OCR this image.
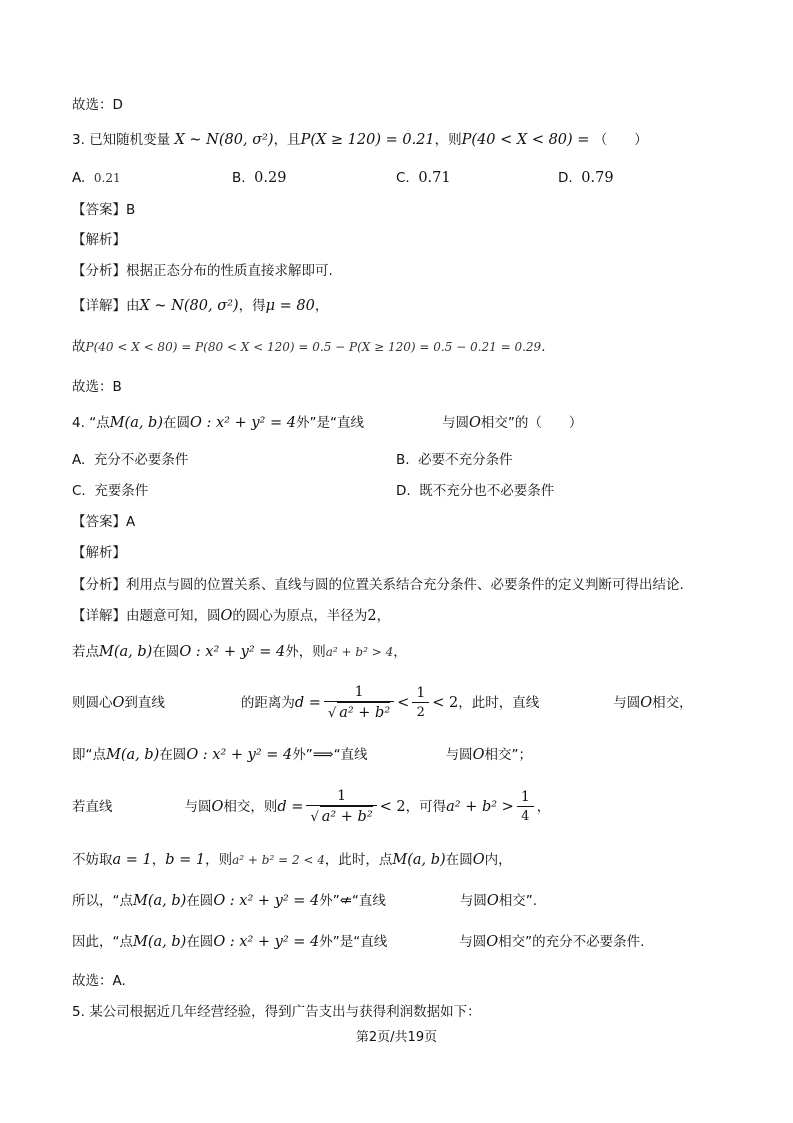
故选：D
3. 已知随机变量 X ~ N(80, σ²)，且P(X ≥ 120) = 0.21，则P(40 < X < 80) = （　　）
A. 0.21	B. 0.29	C. 0.71	D. 0.79
【答案】B
【解析】
【分析】根据正态分布的性质直接求解即可.
【详解】由X ~ N(80, σ²)，得μ = 80，
故P(40 < X < 80) = P(80 < X < 120) = 0.5 − P(X ≥ 120) = 0.5 − 0.21 = 0.29.
故选：B
4. “点M(a, b)在圆O : x² + y² = 4外”是“直线	与圆O相交”的（　　）
A. 充分不必要条件	B. 必要不充分条件
C. 充要条件	D. 既不充分也不必要条件
【答案】A
【解析】
【分析】利用点与圆的位置关系、直线与圆的位置关系结合充分条件、必要条件的定义判断可得出结论.
【详解】由题意可知，圆O的圆心为原点，半径为2，
若点M(a, b)在圆O : x² + y² = 4外，则a² + b² > 4，
则圆心O到直线	的距离为$d = \frac{1}{\text{√ a² + b²}} < \frac{1}{2} < 2$，此时，直线	与圆O相交，
即“点M(a, b)在圆O : x² + y² = 4外”⟹“直线	与圆O相交”；
若直线	与圆O相交，则$d = \frac{1}{\text{√ a² + b²}} < 2$，可得$a^2 + b^2 > \frac{1}{4}$ ，
不妨取a = 1，b = 1，则a² + b² = 2 < 4，此时，点M(a, b)在圆O内，
所以，“点M(a, b)在圆O : x² + y² = 4外”⇍“直线	与圆O相交”.
因此，“点M(a, b)在圆O : x² + y² = 4外”是“直线	与圆O相交”的充分不必要条件.
故选：A.
5. 某公司根据近几年经营经验，得到广告支出与获得利润数据如下：
第2页/共19页
